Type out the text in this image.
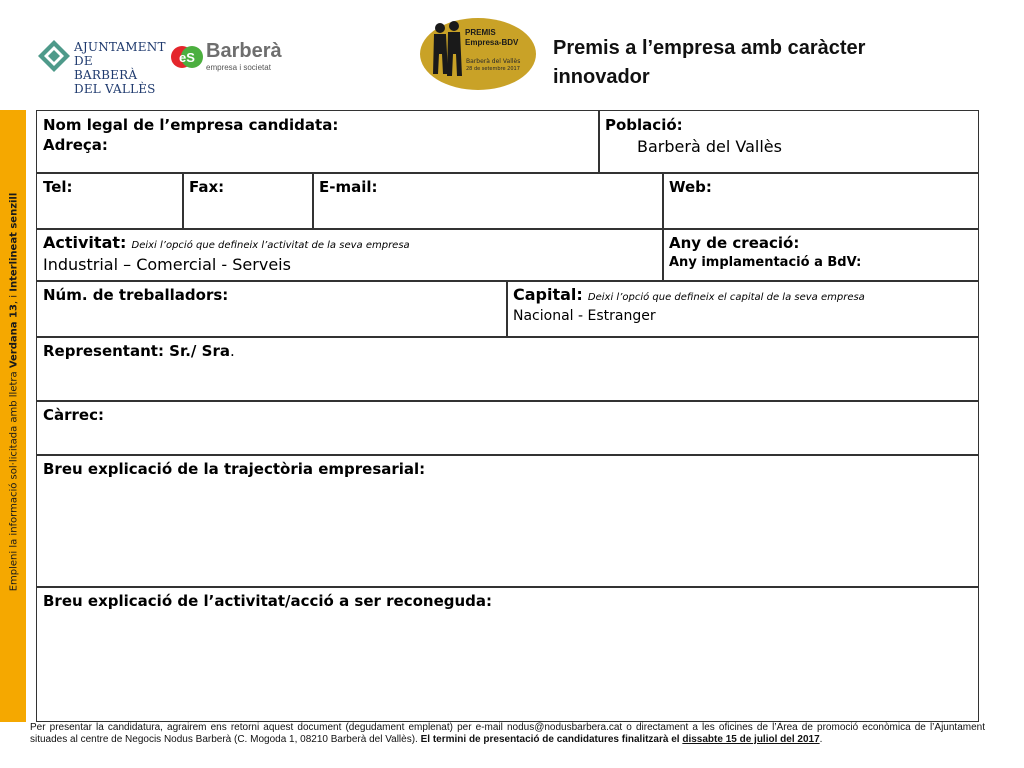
Empleni la informació sol·licitada amb lletra Verdana 13, i Interlineat senzill
AJUNTAMENT DE
BARBERÀ DEL VALLÈS
eS Barberà
empresa i societat
PREMIS
Empresa-BDV
Barberà del Vallès
28 de setembre 2017
Premis a l’empresa amb caràcter innovador
Nom legal de l’empresa candidata:
Adreça:
Població:
Barberà del Vallès
Tel:	Fax:	E-mail:	Web:
Activitat: Deixi l’opció que defineix l’activitat de la seva empresa
Industrial – Comercial - Serveis
Any de creació:
Any implamentació a BdV:
Núm. de treballadors:	Capital: Deixi l’opció que defineix el capital de la seva empresa
Nacional - Estranger
Representant: Sr./ Sra.
Càrrec:
Breu explicació de la trajectòria empresarial:
Breu explicació de l’activitat/acció a ser reconeguda:
Per presentar la candidatura, agrairem ens retorni aquest document (degudament emplenat) per e-mail nodus@nodusbarbera.cat o directament a les oficines de l’Àrea de promoció econòmica de l’Ajuntament situades al centre de Negocis Nodus Barberà (C. Mogoda 1, 08210 Barberà del Vallès). El termini de presentació de candidatures finalitzarà el dissabte 15 de juliol del 2017.
